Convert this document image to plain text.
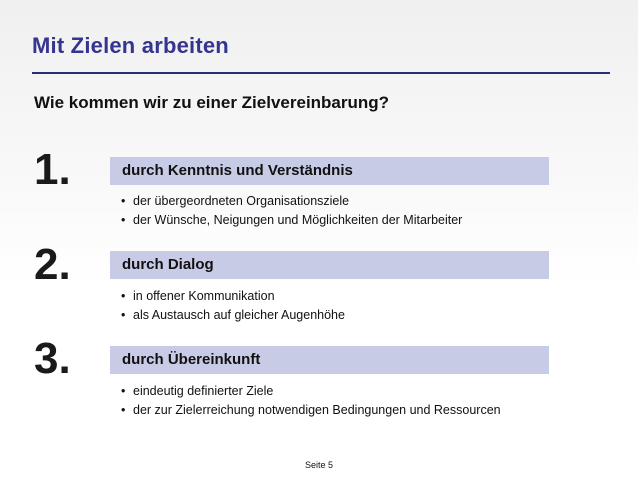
Mit Zielen arbeiten
Wie kommen wir zu einer Zielvereinbarung?
1.	durch Kenntnis und Verständnis
• der übergeordneten Organisationsziele
• der Wünsche, Neigungen und Möglichkeiten der Mitarbeiter
2.	durch Dialog
• in offener Kommunikation
• als Austausch auf gleicher Augenhöhe
3.	durch Übereinkunft
• eindeutig definierter Ziele
• der zur Zielerreichung notwendigen Bedingungen und Ressourcen
Seite 5
